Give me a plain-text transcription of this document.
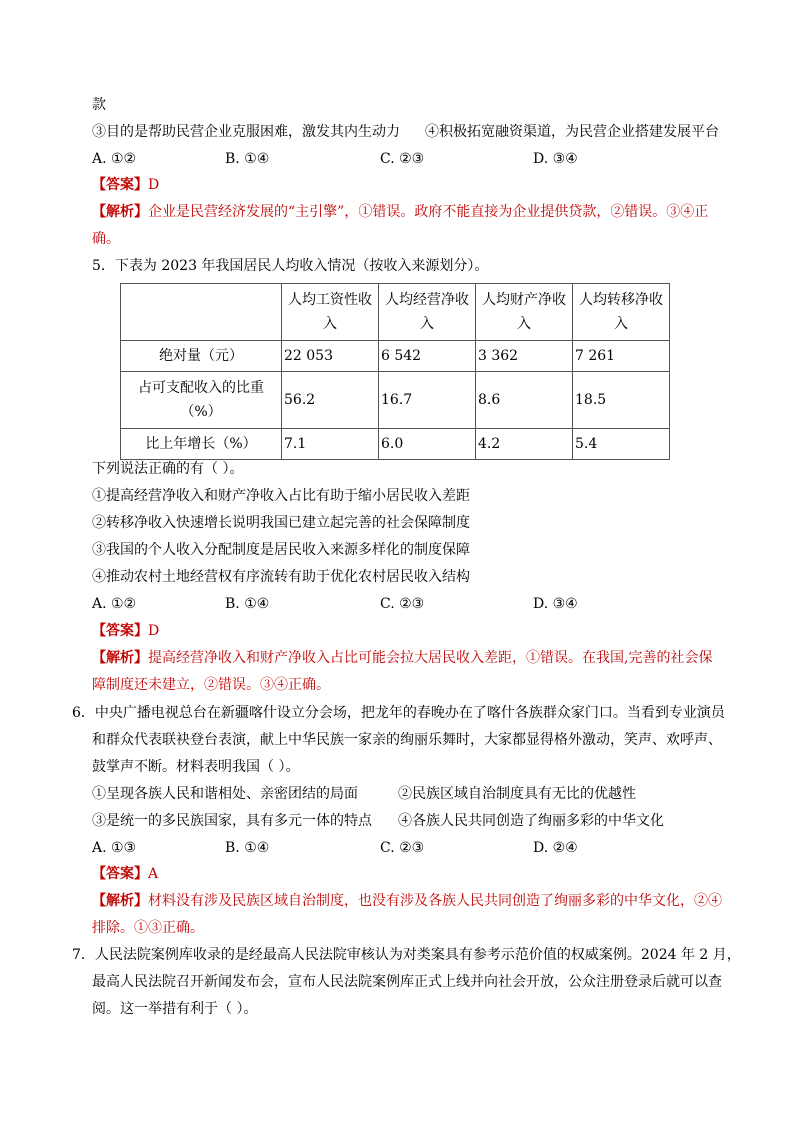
款
③目的是帮助民营企业克服困难，激发其内生动力 ④积极拓宽融资渠道，为民营企业搭建发展平台
A. ①②	B. ①④	C. ②③	D. ③④
【答案】D
【解析】企业是民营经济发展的“主引擎”，①错误。政府不能直接为企业提供贷款，②错误。③④正
确。
5．下表为 2023 年我国居民人均收入情况（按收入来源划分）。
	人均工资性收入	人均经营净收入	人均财产净收入	人均转移净收入
绝对量（元）	22 053	6 542	3 362	7 261
占可支配收入的比重（%）	56.2	16.7	8.6	18.5
比上年增长（%）	7.1	6.0	4.2	5.4
下列说法正确的有（ ）。
①提高经营净收入和财产净收入占比有助于缩小居民收入差距
②转移净收入快速增长说明我国已建立起完善的社会保障制度
③我国的个人收入分配制度是居民收入来源多样化的制度保障
④推动农村土地经营权有序流转有助于优化农村居民收入结构
A. ①②	B. ①④	C. ②③	D. ③④
【答案】D
【解析】提高经营净收入和财产净收入占比可能会拉大居民收入差距，①错误。在我国,完善的社会保
障制度还未建立，②错误。③④正确。
6．中央广播电视总台在新疆喀什设立分会场，把龙年的春晚办在了喀什各族群众家门口。当看到专业演员
和群众代表联袂登台表演，献上中华民族一家亲的绚丽乐舞时，大家都显得格外激动，笑声、欢呼声、
鼓掌声不断。材料表明我国（ ）。
①呈现各族人民和谐相处、亲密团结的局面	②民族区域自治制度具有无比的优越性
③是统一的多民族国家，具有多元一体的特点 ④各族人民共同创造了绚丽多彩的中华文化
A. ①③	B. ①④	C. ②③	D. ②④
【答案】A
【解析】材料没有涉及民族区域自治制度，也没有涉及各族人民共同创造了绚丽多彩的中华文化，②④
排除。①③正确。
7．人民法院案例库收录的是经最高人民法院审核认为对类案具有参考示范价值的权威案例。2024 年 2 月，
最高人民法院召开新闻发布会，宣布人民法院案例库正式上线并向社会开放，公众注册登录后就可以查
阅。这一举措有利于（ ）。
